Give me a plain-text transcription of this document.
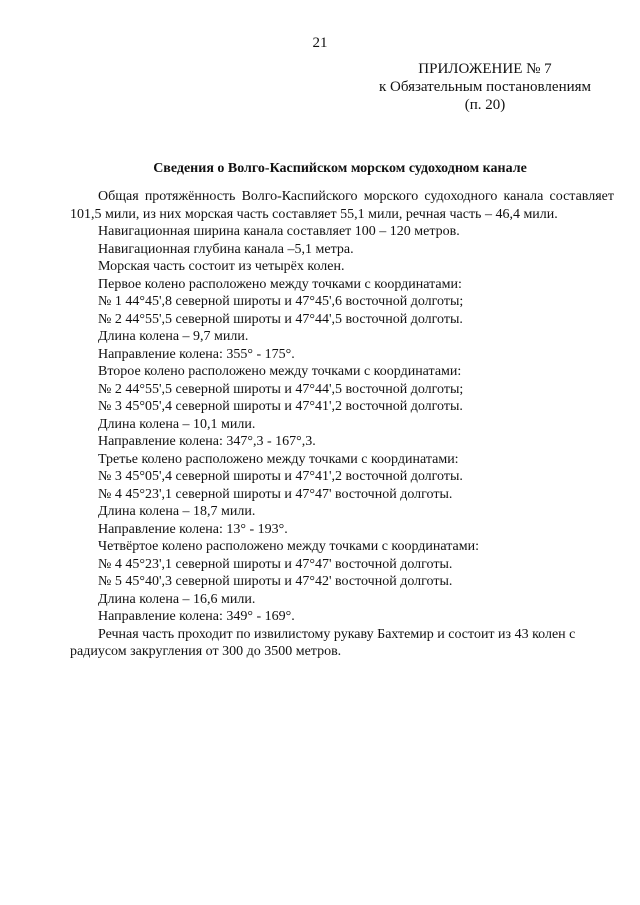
21
ПРИЛОЖЕНИЕ № 7
к Обязательным постановлениям
(п. 20)
Сведения о Волго-Каспийском морском судоходном канале

Общая протяжённость Волго-Каспийского морского судоходного канала составляет 101,5 мили, из них морская часть составляет 55,1 мили, речная часть – 46,4 мили.

Навигационная ширина канала составляет 100 – 120 метров.

Навигационная глубина канала –5,1 метра.

Морская часть состоит из четырёх колен.

Первое колено расположено между точками с координатами:

№ 1 44°45',8 северной широты и 47°45',6 восточной долготы;

№ 2 44°55',5 северной широты и 47°44',5 восточной долготы.

Длина колена – 9,7 мили.

Направление колена: 355° - 175°.

Второе колено расположено между точками с координатами:

№ 2 44°55',5 северной широты и 47°44',5 восточной долготы;

№ 3 45°05',4 северной широты и 47°41',2 восточной долготы.

Длина колена – 10,1 мили.

Направление колена: 347°,3 - 167°,3.

Третье колено расположено между точками с координатами:

№ 3 45°05',4 северной широты и 47°41',2 восточной долготы.

№ 4 45°23',1 северной широты и 47°47' восточной долготы.

Длина колена – 18,7 мили.

Направление колена: 13° - 193°.

Четвёртое колено расположено между точками с координатами:

№ 4 45°23',1 северной широты и 47°47' восточной долготы.

№ 5 45°40',3 северной широты и 47°42' восточной долготы.

Длина колена – 16,6 мили.

Направление колена: 349° - 169°.

Речная часть проходит по извилистому рукаву Бахтемир и состоит из 43 колен с радиусом закругления от 300 до 3500 метров.
